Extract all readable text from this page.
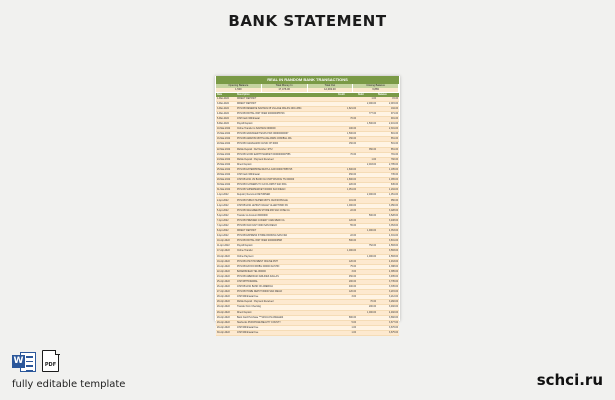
BANK STATEMENT
REAL IN RANDOM BANK TRANSACTIONS
Opening Balance
1,500
Total Money In
17,476.00
Total Out
12,093.00
Closing Balance
6,883
Date	Description	Credit	Debit	Balance
1-Mar-2022	DIRECT DEPOSIT		1.00	15.00
3-Mar-2022	DIRECT DEPOSIT		2,000.00	2,015.00
3-Mar-2022	POS DB RESERVE SAVINGS 05 VILLAGE WALKS 2001 2834	1,821.00		194.00
4-Mar-2022	POS DB PAYPAL INST XFER 2000000055746		777.00	971.00
5-Mar-2022	ATM Cash Withdrawal	70.00		901.00
8-Mar-2022	Payroll Deposit		1,500.00	2,401.00
10-Mar-2022	Online Transfer to SAVINGS 0000000	100.00		2,301.00
15-Mar-2022	POS DB GRAINGER TEXAS FWX 000000000007	1,500.00		801.00
16-Mar-2022	POS DB AMAZON MKTPLACE AMZN.COM/BILL WA	150.00		651.00
20-Mar-2022	POS DB CLEVELAND CLINIC OH 0000	150.00		501.00
22-Mar-2022	Mobile Deposit : Ref Number :RTU		350.00	851.00
23-Mar-2022	POS DB GOOD EARTH MARKET 00000000007556	70.00		781.00
24-Mar-2022	Mobile Deposit : Payment Received		1.00	782.00
25-Mar-2022	Direct Deposit		2,003.00	2,785.00
25-Mar-2022	POS DB ENTERPRISE RENT-A-CAR 00000 5558715	1,600.00		1,185.00
28-Mar-2022	ATM Cash Withdrawal	450.00		735.00
29-Mar-2022	ATM DB 2221 US BANK NA CHATTANOOG TN 000000	1,800.00		1,065.00
30-Mar-2022	POS DB FLOWERS TO GO FLORIST SAN FRA	220.00		845.00
31-Mar-2022	POS DB SUPERMARKET 000000 SAN DIEGO	1,051.00		1,294.00
1-Apr-2022	Deposit | Recurrent RETURNED		2,000.00	1,051.00
2-Apr-2022	POS DB PUBLIX SUPER MKTS JACKSONVILLE	101.00		950.00
4-Apr-2022	ATM DB 2221 LEHIGH VALLEY ALLENTOWN PA	1,000.00		3,050.00
5-Apr-2022	POS DB WALGREENS STORE #00 SAN JOSE CA	22.00		3,028.00
5-Apr-2022	Transfer to Account #0000000		500.00	3,528.00
7-Apr-2022	POS DB PRESSED JUICERY CARLSBAD CA	120.00		3,408.00
7-Apr-2022	POS DB OLD NAVY 0000 SAN DIEGO	55.00		3,353.00
8-Apr-2022	DIRECT DEPOSIT		1,000.00	4,353.00
9-Apr-2022	POS DB EXPRESS STORE PARKING SAN FRA	22.00		4,331.00
10-Apr-2022	POS DB PAYPAL INST XFER 20000000568	500.00		3,831.00
11-Apr-2022	Payroll Deposit		752.00	4,583.00
17-Apr-2022	Online Transfer	1,000.00		3,583.00
18-Apr-2022	Online Payment		1,000.00	4,583.00
19-Apr-2022	POS DB AT&T PAYMENT ONLINE PMT	120.00		4,463.00
20-Apr-2022	POS DB EXXON MOBIL 000000 AUSTIN	75.00		4,388.00
22-Apr-2022	BAKERSFIELD TEL #00000	3.00		4,385.00
23-Apr-2022	POS DB AMERICAN AIRLINES DALLAS	450.00		3,935.00
25-Apr-2022	ATM WITHDRAWAL	200.00		3,735.00
26-Apr-2022	ATM DB 2221 BANK OF AMERICA	400.00		3,335.00
27-Apr-2022	POS DB HOME DEPOT #0000 SAN DIEGO	120.00		3,215.00
28-Apr-2022	ATM Withdrawal Fee	3.00		3,212.00
28-Apr-2022	Mobile Deposit : Payment Received		70.00	3,282.00
29-Apr-2022	Transfer from Checking		200.00	3,482.00
29-Apr-2022	Direct Deposit		1,000.00	4,482.00
29-Apr-2022	Bank Card Purchase ***1234 LOS ANGELES	800.00		3,682.00
29-Apr-2022	Starbucks PURCHASE BEAUTY COUNTY	5.00		3,677.00
29-Apr-2022	ATM Withdrawal Fee	1.00		3,676.00
30-Apr-2022	ATM Withdrawal Fee	1.00		3,675.00
W	PDF
fully editable template	schci.ru
